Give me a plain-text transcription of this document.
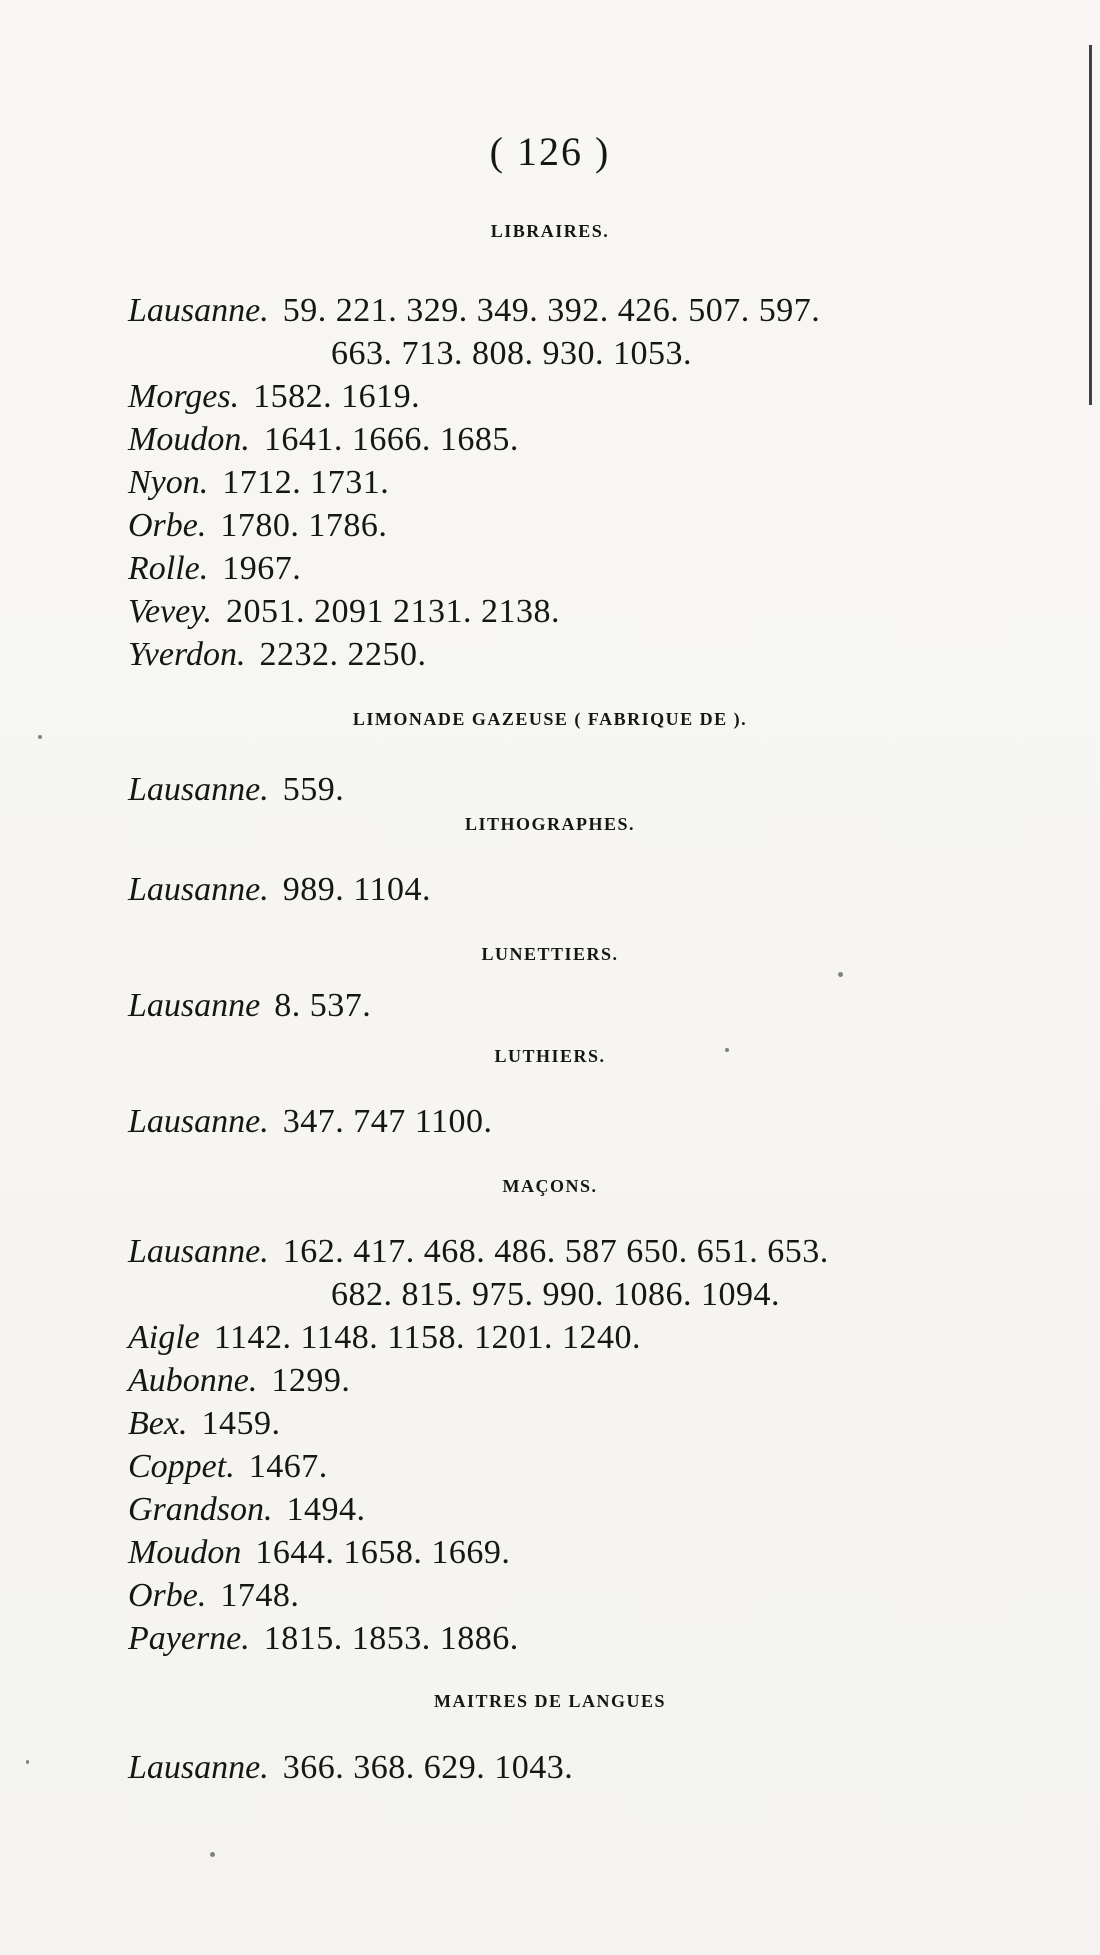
( 126 )
LIBRAIRES.
Lausanne. 59. 221. 329. 349. 392. 426. 507. 597.
663. 713. 808. 930. 1053.
Morges. 1582. 1619.
Moudon. 1641. 1666. 1685.
Nyon. 1712. 1731.
Orbe. 1780. 1786.
Rolle. 1967.
Vevey. 2051. 2091 2131. 2138.
Yverdon. 2232. 2250.
LIMONADE GAZEUSE ( FABRIQUE DE ).
Lausanne. 559.
LITHOGRAPHES.
Lausanne. 989. 1104.
LUNETTIERS.
Lausanne 8. 537.
LUTHIERS.
Lausanne. 347. 747 1100.
MAÇONS.
Lausanne. 162. 417. 468. 486. 587 650. 651. 653.
682. 815. 975. 990. 1086. 1094.
Aigle 1142. 1148. 1158. 1201. 1240.
Aubonne. 1299.
Bex. 1459.
Coppet. 1467.
Grandson. 1494.
Moudon 1644. 1658. 1669.
Orbe. 1748.
Payerne. 1815. 1853. 1886.
MAITRES DE LANGUES
Lausanne. 366. 368. 629. 1043.
